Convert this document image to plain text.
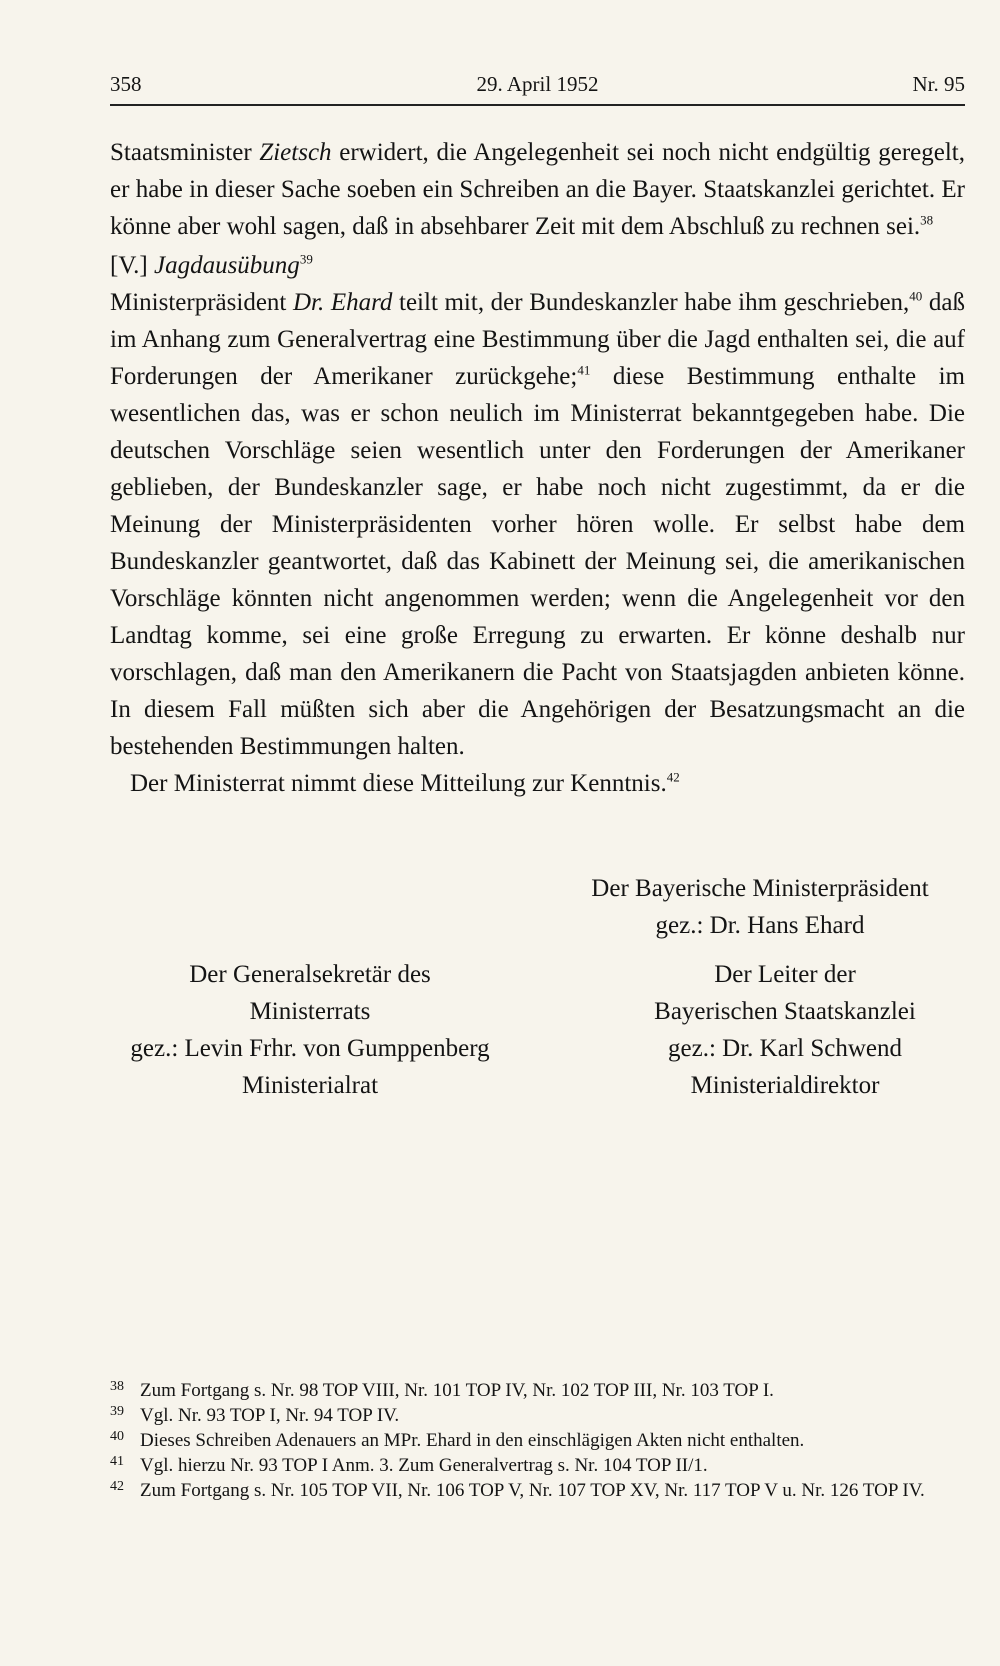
358	29. April 1952	Nr. 95

Staatsminister Zietsch erwidert, die Angelegenheit sei noch nicht endgültig geregelt, er habe in dieser Sache soeben ein Schreiben an die Bayer. Staatskanzlei gerichtet. Er könne aber wohl sagen, daß in absehbarer Zeit mit dem Abschluß zu rechnen sei.$^{38}$

[V.] Jagdausübung$^{39}$

Ministerpräsident Dr. Ehard teilt mit, der Bundeskanzler habe ihm geschrieben,$^{40}$ daß im Anhang zum Generalvertrag eine Bestimmung über die Jagd enthalten sei, die auf Forderungen der Amerikaner zurückgehe;$^{41}$ diese Bestimmung enthalte im wesentlichen das, was er schon neulich im Ministerrat bekanntgegeben habe. Die deutschen Vorschläge seien wesentlich unter den Forderungen der Amerikaner geblieben, der Bundeskanzler sage, er habe noch nicht zugestimmt, da er die Meinung der Ministerpräsidenten vorher hören wolle. Er selbst habe dem Bundeskanzler geantwortet, daß das Kabinett der Meinung sei, die amerikanischen Vorschläge könnten nicht angenommen werden; wenn die Angelegenheit vor den Landtag komme, sei eine große Erregung zu erwarten. Er könne deshalb nur vorschlagen, daß man den Amerikanern die Pacht von Staatsjagden anbieten könne. In diesem Fall müßten sich aber die Angehörigen der Besatzungsmacht an die bestehenden Bestimmungen halten.

Der Ministerrat nimmt diese Mitteilung zur Kenntnis.$^{42}$

Der Bayerische Ministerpräsident
gez.: Dr. Hans Ehard
Der Generalsekretär des
Ministerrats
gez.: Levin Frhr. von Gumppenberg
Ministerialrat
Der Leiter der
Bayerischen Staatskanzlei
gez.: Dr. Karl Schwend
Ministerialdirektor
38 Zum Fortgang s. Nr. 98 TOP VIII, Nr. 101 TOP IV, Nr. 102 TOP III, Nr. 103 TOP I.
39 Vgl. Nr. 93 TOP I, Nr. 94 TOP IV.
40 Dieses Schreiben Adenauers an MPr. Ehard in den einschlägigen Akten nicht enthalten.
41 Vgl. hierzu Nr. 93 TOP I Anm. 3. Zum Generalvertrag s. Nr. 104 TOP II/1.
42 Zum Fortgang s. Nr. 105 TOP VII, Nr. 106 TOP V, Nr. 107 TOP XV, Nr. 117 TOP V u. Nr. 126 TOP IV.
